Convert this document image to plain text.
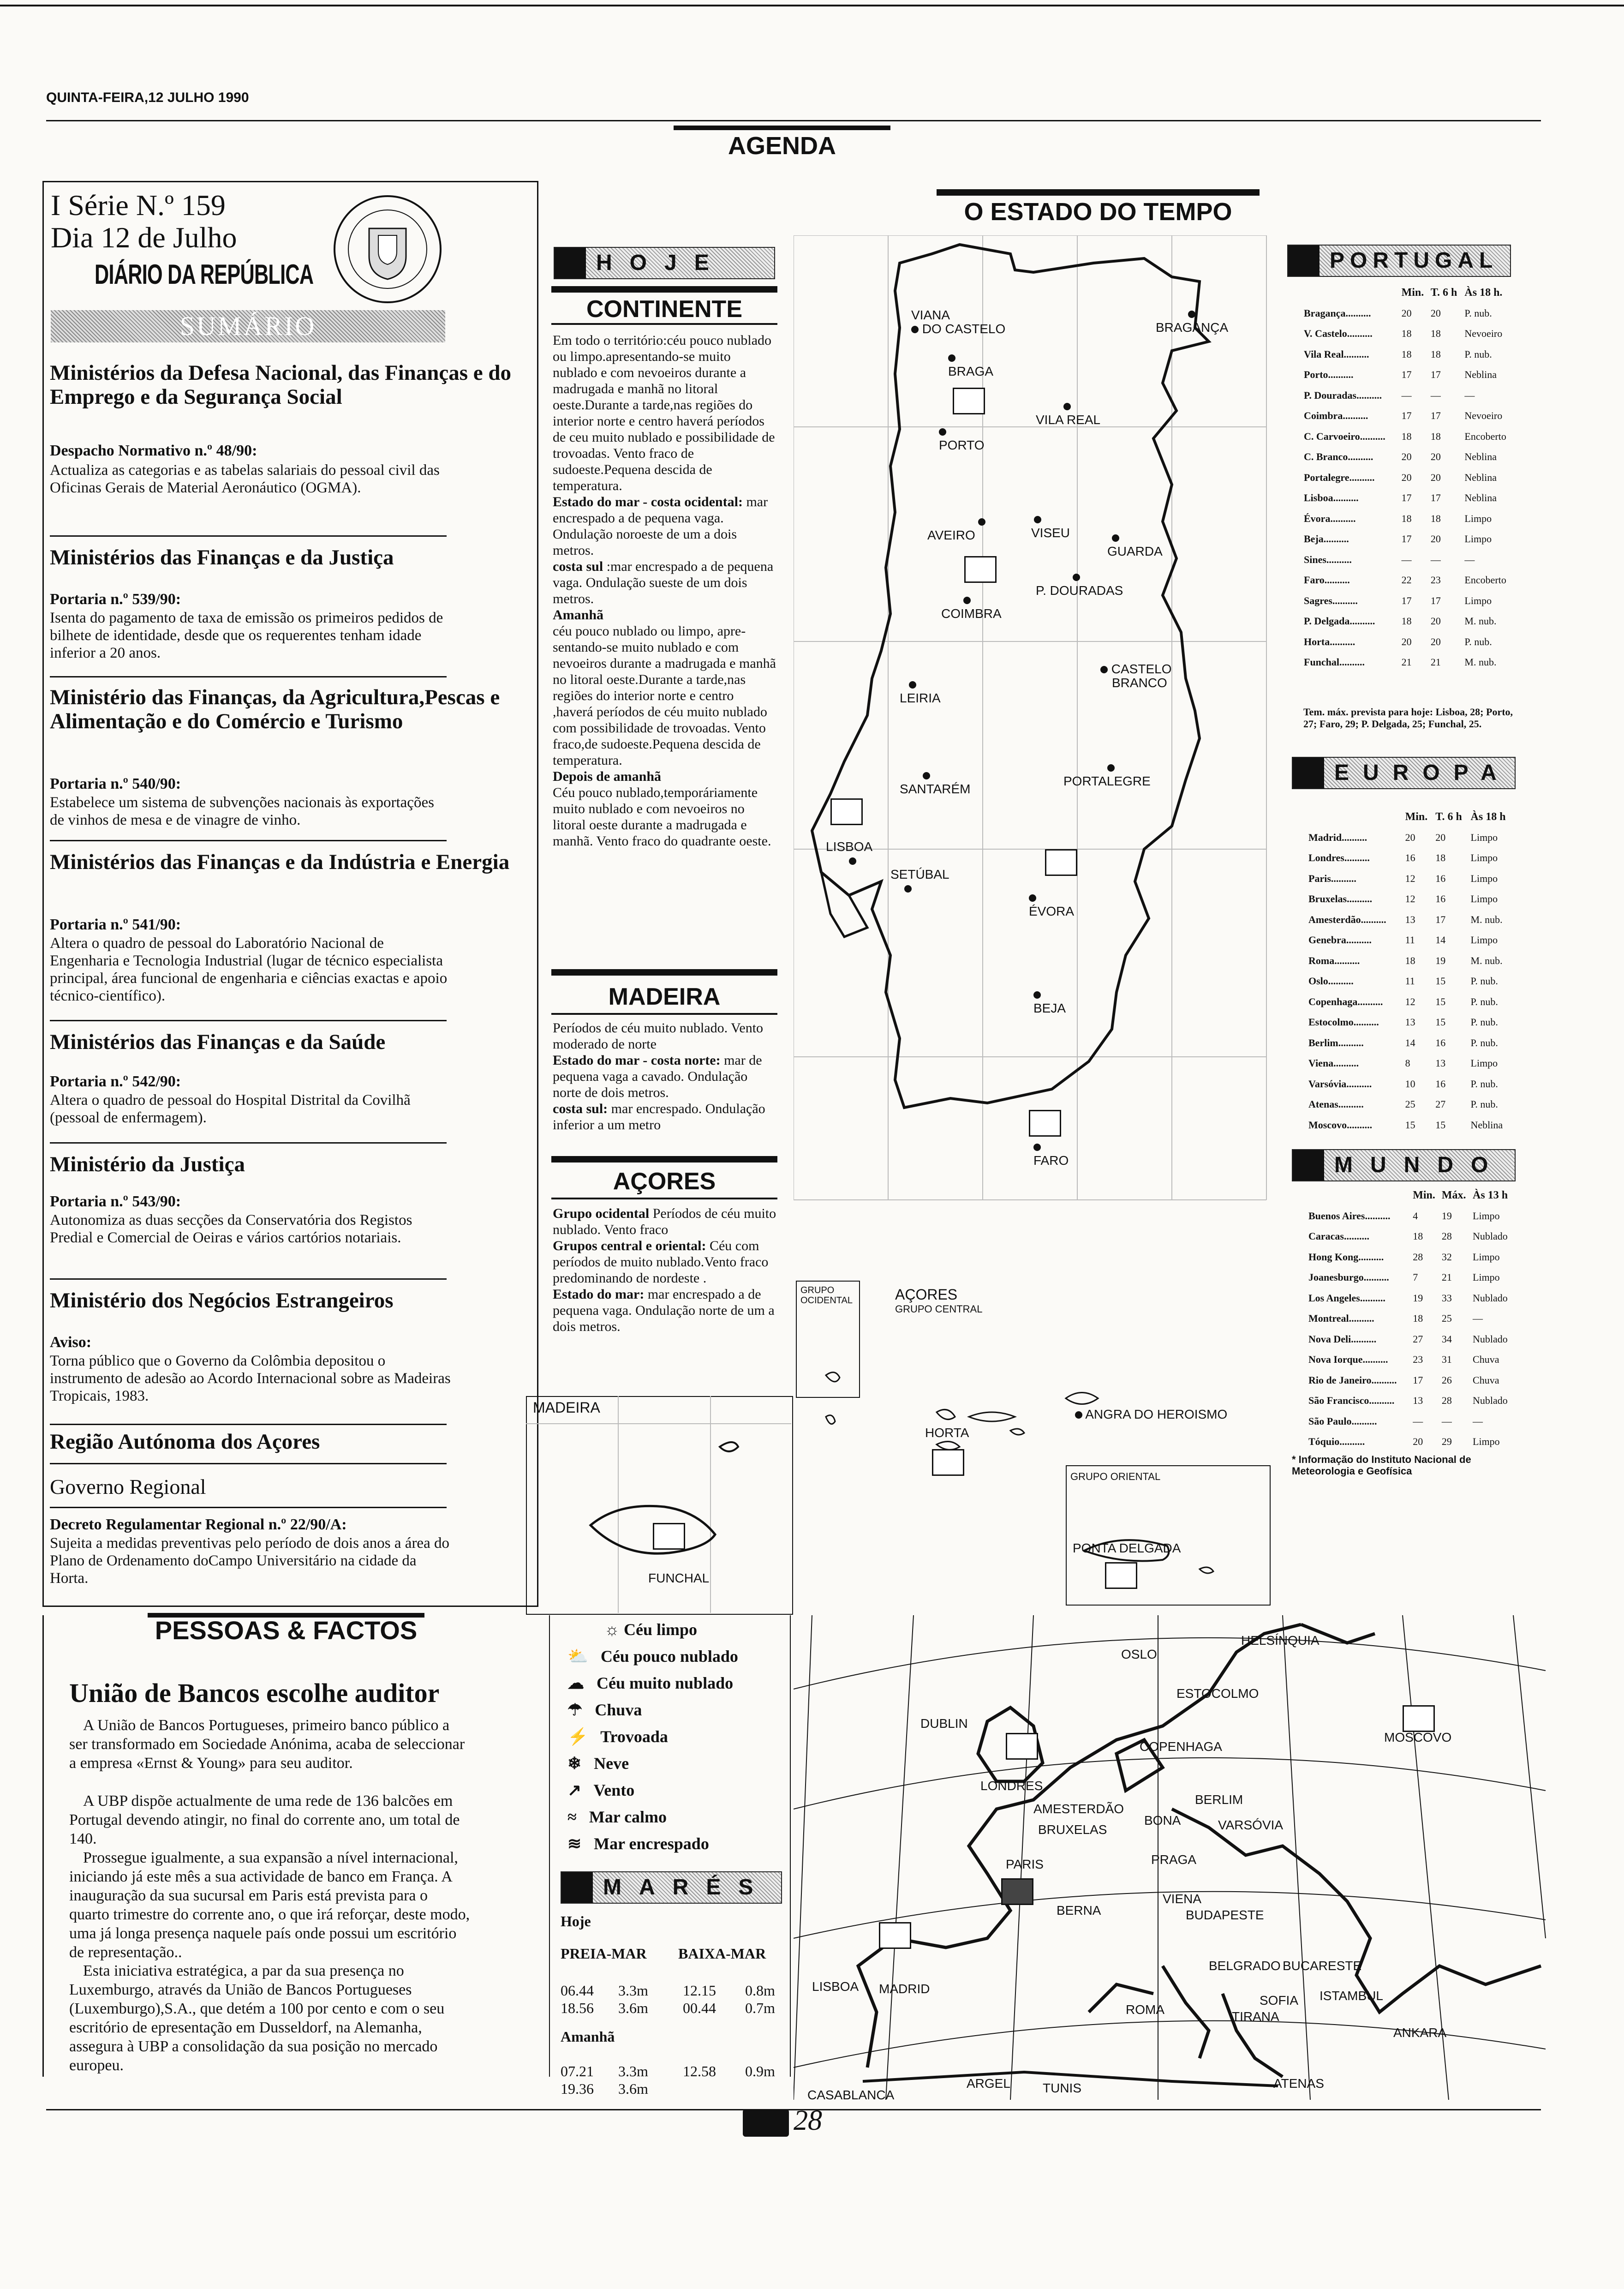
QUINTA-FEIRA,12 JULHO 1990
AGENDA
I Série N.º 159
Dia 12 de Julho
DIÁRIO DA REPÚBLICA
SUMÁRIO
Ministérios da Defesa Nacional, das Finanças e do Emprego e da Segurança Social
Despacho Normativo n.º 48/90:
Actualiza as categorias e as tabelas salariais do pessoal civil das Oficinas Gerais de Material Aeronáutico (OGMA).
Ministérios das Finanças e da Justiça
Portaria n.º 539/90:
Isenta do pagamento de taxa de emissão os primeiros pedidos de bilhete de identidade, desde que os requerentes tenham idade inferior a 20 anos.
Ministério das Finanças, da Agricultura,Pescas e Alimentação e do Comércio e Turismo
Portaria n.º 540/90:
Estabelece um sistema de subvenções nacionais às exportações de vinhos de mesa e de vinagre de vinho.
Ministérios das Finanças e da Indústria e Energia
Portaria n.º 541/90:
Altera o quadro de pessoal do Laboratório Nacional de Engenharia e Tecnologia Industrial (lugar de técnico especialista principal, área funcional de engenharia e ciências exactas e apoio técnico-científico).
Ministérios das Finanças e da Saúde
Portaria n.º 542/90:
Altera o quadro de pessoal do Hospital Distrital da Covilhã (pessoal de enfermagem).
Ministério da Justiça
Portaria n.º 543/90:
Autonomiza as duas secções da Conservatória dos Registos Predial e Comercial de Oeiras e vários cartórios notariais.
Ministério dos Negócios Estrangeiros
Aviso:
Torna público que o Governo da Colômbia depositou o instrumento de adesão ao Acordo Internacional sobre as Madeiras Tropicais, 1983.
Região Autónoma dos Açores
Governo Regional
Decreto Regulamentar Regional n.º 22/90/A:
Sujeita a medidas preventivas pelo período de dois anos a área do Plano de Ordenamento doCampo Universitário na cidade da Horta.
O ESTADO DO TEMPO
HOJE
CONTINENTE
Em todo o território:céu pouco nublado ou limpo.apresentando-se muito nublado e com nevoeiros durante a madrugada e manhã no litoral oeste.Durante a tarde,nas regiões do interior norte e centro haverá períodos de ceu muito nublado e possibilidade de trovoadas. Vento fraco de sudoeste.Pequena descida de temperatura.
Estado do mar - costa ocidental: mar encrespado a de pequena vaga. Ondulação noroeste de um a dois metros.
costa sul :mar encrespado a de pequena vaga. Ondulação sueste de um dois metros.
Amanhã
céu pouco nublado ou limpo, apre-sentando-se muito nublado e com nevoeiros durante a madrugada e manhã no litoral oeste.Durante a tarde,nas regiões do interior norte e centro ,haverá períodos de céu muito nublado com possibilidade de trovoadas. Vento fraco,de sudoeste.Pequena descida de temperatura.
Depois de amanhã
Céu pouco nublado,temporáriamente muito nublado e com nevoeiros no litoral oeste durante a madrugada e manhã. Vento fraco do quadrante oeste.
MADEIRA
Períodos de céu muito nublado. Vento moderado de norte
Estado do mar - costa norte: mar de pequena vaga a cavado. Ondulação norte de dois metros.
costa sul: mar encrespado. Ondulação inferior a um metro
AÇORES
Grupo ocidental Períodos de céu muito nublado. Vento fraco
Grupos central e oriental: Céu com períodos de muito nublado.Vento fraco predominando de nordeste .
Estado do mar: mar encrespado a de pequena vaga. Ondulação norte de um a dois metros.
VIANA
DO CASTELO

BRAGA

BRAGANÇA

PORTO

VILA REAL

AVEIRO	VISEU

GUARDA

P. DOURADAS

COIMBRA
CASTELO
BRANCO

LEIRIA

SANTARÉM

PORTALEGRE
LISBOA

SETÚBAL

ÉVORA

BEJA

FARO
GRUPO OCIDENTAL	AÇORES
GRUPO CENTRAL
ANGRA DO HEROISMO
HORTA
GRUPO ORIENTAL
PONTA DELGADA
MADEIRA
FUNCHAL
☼ Céu limpo
⛅ Céu pouco nublado
☁ Céu muito nublado
☂ Chuva
⚡ Trovoada
❄ Neve
↗ Vento
≈ Mar calmo
≋ Mar encrespado
MARÉS
Hoje
PREIA-MAR BAIXA-MAR
06.44 3.3m 12.15 0.8m
18.56 3.6m 00.44 0.7m
Amanhã
07.21 3.3m 12.58 0.9m
19.36 3.6m
OSLO
HELSÍNQUIA
ESTOCOLMO
DUBLIN
COPENHAGA
MOSCOVO
LONDRES
BERLIM
AMESTERDÃO
BONA	VARSÓVIA
BRUXELAS
PARIS	PRAGA
VIENA
BERNA	BUDAPESTE
BELGRADO BUCARESTE
LISBOA MADRID
ROMA
SOFIA ISTAMBUL
TIRANA
ANKARA
ARGEL	TUNIS	ATENAS
CASABLANCA
PORTUGAL
	Min.	T. 6 h	Às 18 h.
Bragança..........	20	20	P. nub.
V. Castelo..........	18	18	Nevoeiro
Vila Real..........	18	18	P. nub.
Porto..........	17	17	Neblina
P. Douradas..........	—	—	—
Coimbra..........	17	17	Nevoeiro
C. Carvoeiro..........	18	18	Encoberto
C. Branco..........	20	20	Neblina
Portalegre..........	20	20	Neblina
Lisboa..........	17	17	Neblina
Évora..........	18	18	Limpo
Beja..........	17	20	Limpo
Sines..........	—	—	—
Faro..........	22	23	Encoberto
Sagres..........	17	17	Limpo
P. Delgada..........	18	20	M. nub.
Horta..........	20	20	P. nub.
Funchal..........	21	21	M. nub.
Tem. máx. prevista para hoje: Lisboa, 28; Porto, 27; Faro, 29; P. Delgada, 25; Funchal, 25.
EUROPA
	Min.	T. 6 h	Às 18 h
Madrid..........	20	20	Limpo
Londres..........	16	18	Limpo
Paris..........	12	16	Limpo
Bruxelas..........	12	16	Limpo
Amesterdão..........	13	17	M. nub.
Genebra..........	11	14	Limpo
Roma..........	18	19	M. nub.
Oslo..........	11	15	P. nub.
Copenhaga..........	12	15	P. nub.
Estocolmo..........	13	15	P. nub.
Berlim..........	14	16	P. nub.
Viena..........	8	13	Limpo
Varsóvia..........	10	16	P. nub.
Atenas..........	25	27	P. nub.
Moscovo..........	15	15	Neblina
MUNDO
	Min.	Máx.	Às 13 h
Buenos Aires..........	4	19	Limpo
Caracas..........	18	28	Nublado
Hong Kong..........	28	32	Limpo
Joanesburgo..........	7	21	Limpo
Los Angeles..........	19	33	Nublado
Montreal..........	18	25	—
Nova Deli..........	27	34	Nublado
Nova Iorque..........	23	31	Chuva
Rio de Janeiro..........	17	26	Chuva
São Francisco..........	13	28	Nublado
São Paulo..........	—	—	—
Tóquio..........	20	29	Limpo
* Informação do Instituto Nacional de Meteorologia e Geofísica
PESSOAS & FACTOS
União de Bancos escolhe auditor
A União de Bancos Portugueses, primeiro banco público a ser transformado em Sociedade Anónima, acaba de seleccionar a empresa «Ernst & Young» para seu auditor.
A UBP dispõe actualmente de uma rede de 136 balcões em Portugal devendo atingir, no final do corrente ano, um total de 140.
Prossegue igualmente, a sua expansão a nível internacional, iniciando já este mês a sua actividade de banco em França. A inauguração da sua sucursal em Paris está prevista para o quarto trimestre do corrente ano, o que irá reforçar, deste modo, uma já longa presença naquele país onde possui um escritório de representação..
Esta iniciativa estratégica, a par da sua presença no Luxemburgo, através da União de Bancos Portugueses (Luxemburgo),S.A., que detém a 100 por cento e com o seu escritório de epresentação em Dusseldorf, na Alemanha, assegura à UBP a consolidação da sua posição no mercado europeu.
28
